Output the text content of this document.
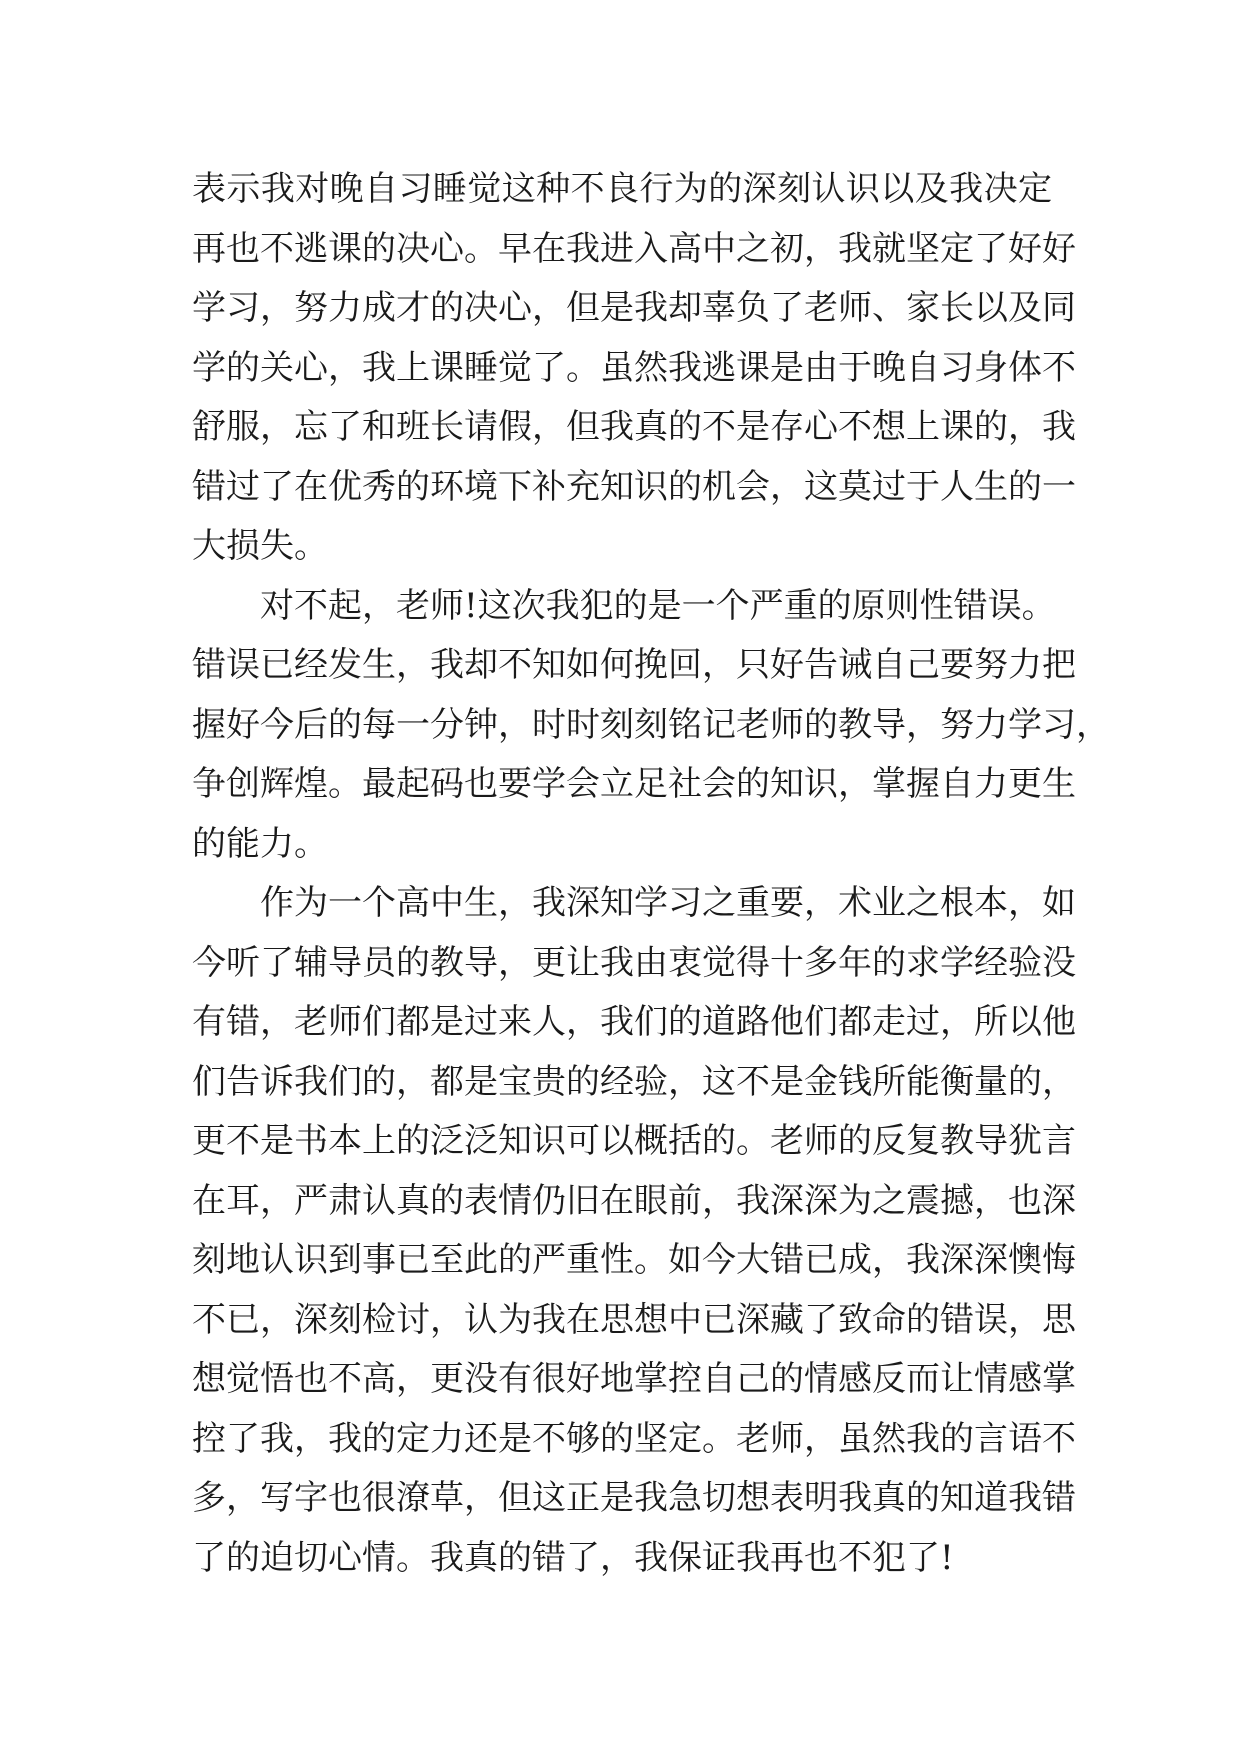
表示我对晚自习睡觉这种不良行为的深刻认识以及我决定
再也不逃课的决心。早在我进入高中之初，我就坚定了好好
学习，努力成才的决心，但是我却辜负了老师、家长以及同
学的关心，我上课睡觉了。虽然我逃课是由于晚自习身体不
舒服，忘了和班长请假，但我真的不是存心不想上课的，我
错过了在优秀的环境下补充知识的机会，这莫过于人生的一
大损失。
对不起，老师!这次我犯的是一个严重的原则性错误。
错误已经发生，我却不知如何挽回，只好告诫自己要努力把
握好今后的每一分钟，时时刻刻铭记老师的教导，努力学习，
争创辉煌。最起码也要学会立足社会的知识，掌握自力更生
的能力。
作为一个高中生，我深知学习之重要，术业之根本，如
今听了辅导员的教导，更让我由衷觉得十多年的求学经验没
有错，老师们都是过来人，我们的道路他们都走过，所以他
们告诉我们的，都是宝贵的经验，这不是金钱所能衡量的，
更不是书本上的泛泛知识可以概括的。老师的反复教导犹言
在耳，严肃认真的表情仍旧在眼前，我深深为之震撼，也深
刻地认识到事已至此的严重性。如今大错已成，我深深懊悔
不已，深刻检讨，认为我在思想中已深藏了致命的错误，思
想觉悟也不高，更没有很好地掌控自己的情感反而让情感掌
控了我，我的定力还是不够的坚定。老师，虽然我的言语不
多，写字也很潦草，但这正是我急切想表明我真的知道我错
了的迫切心情。我真的错了，我保证我再也不犯了!
